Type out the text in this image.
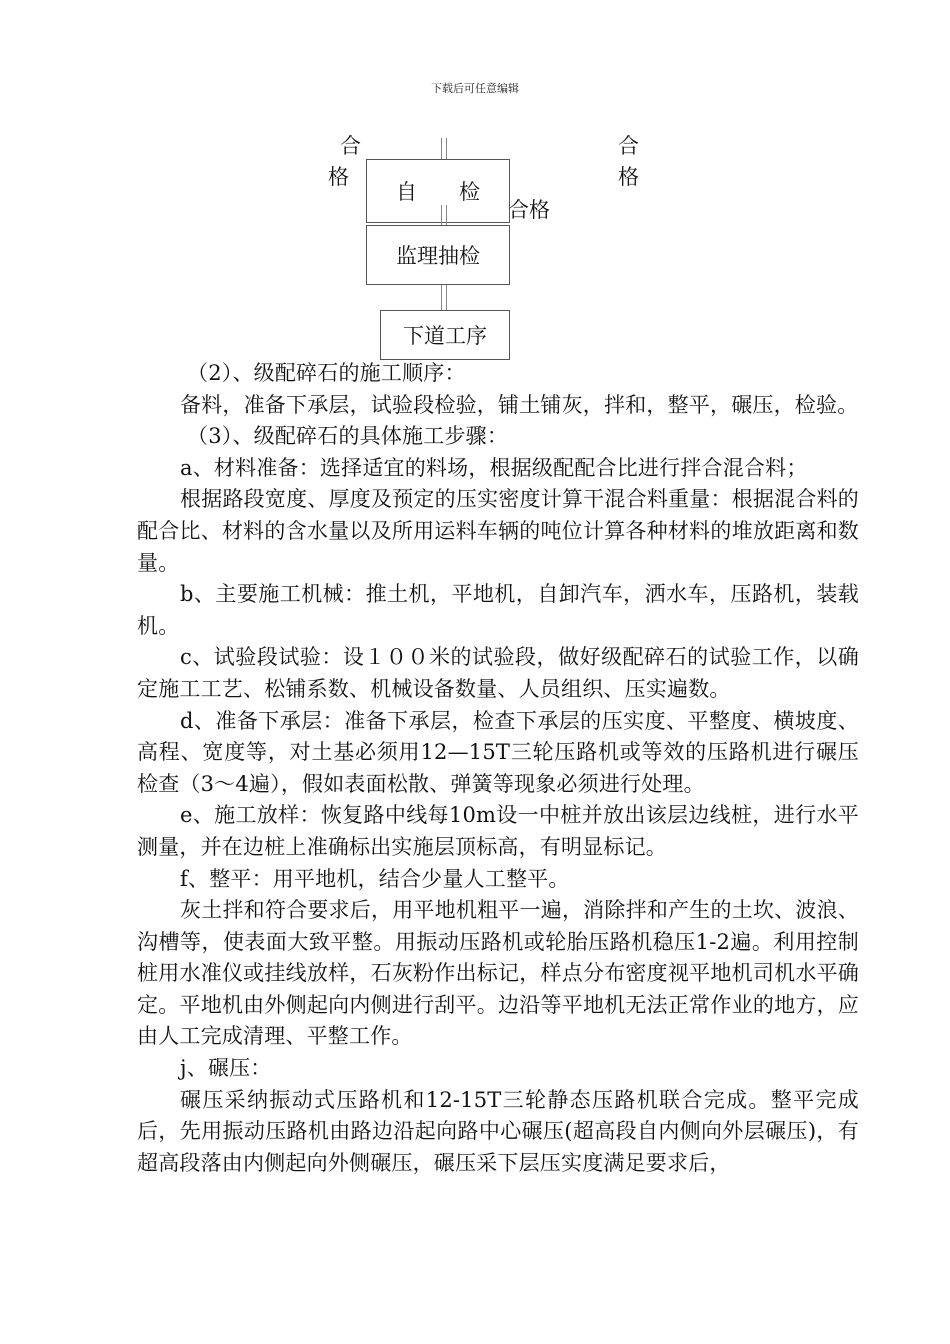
下载后可任意编辑
自　　检
监理抽检
下道工序
合
格
合格
合
格

（2）、级配碎石的施工顺序：

备料，准备下承层，试验段检验，铺土铺灰，拌和，整平，碾压，检验。

（3）、级配碎石的具体施工步骤：

a、材料准备：选择适宜的料场，根据级配配合比进行拌合混合料；

根据路段宽度、厚度及预定的压实密度计算干混合料重量：根据混合料的配合比、材料的含水量以及所用运料车辆的吨位计算各种材料的堆放距离和数量。

b、主要施工机械：推土机，平地机，自卸汽车，洒水车，压路机，装载机。

c、试验段试验：设１００米的试验段，做好级配碎石的试验工作，以确定施工工艺、松铺系数、机械设备数量、人员组织、压实遍数。

d、准备下承层：准备下承层，检查下承层的压实度、平整度、横坡度、高程、宽度等，对土基必须用12—15T三轮压路机或等效的压路机进行碾压检查（3～4遍），假如表面松散、弹簧等现象必须进行处理。

e、施工放样：恢复路中线每10m设一中桩并放出该层边线桩，进行水平测量，并在边桩上准确标出实施层顶标高，有明显标记。

f、整平：用平地机，结合少量人工整平。

灰土拌和符合要求后，用平地机粗平一遍，消除拌和产生的土坎、波浪、沟槽等，使表面大致平整。用振动压路机或轮胎压路机稳压1-2遍。利用控制桩用水准仪或挂线放样，石灰粉作出标记，样点分布密度视平地机司机水平确定。平地机由外侧起向内侧进行刮平。边沿等平地机无法正常作业的地方，应由人工完成清理、平整工作。

j、碾压：

碾压采纳振动式压路机和12-15T三轮静态压路机联合完成。整平完成后，先用振动压路机由路边沿起向路中心碾压(超高段自内侧向外层碾压)，有超高段落由内侧起向外侧碾压，碾压采下层压实度满足要求后，
